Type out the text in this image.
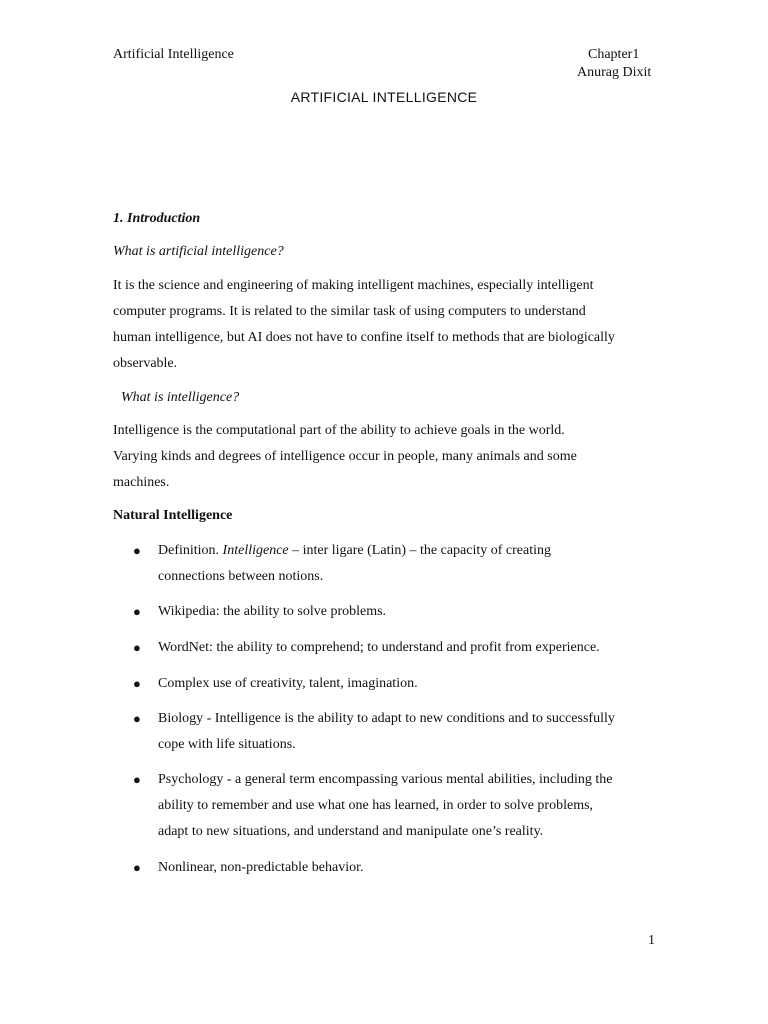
Artificial Intelligence	Chapter1
Anurag Dixit
ARTIFICIAL INTELLIGENCE
1. Introduction
What is artificial intelligence?
It is the science and engineering of making intelligent machines, especially intelligent
computer programs. It is related to the similar task of using computers to understand
human intelligence, but AI does not have to confine itself to methods that are biologically
observable.
What is intelligence?
Intelligence is the computational part of the ability to achieve goals in the world.
Varying kinds and degrees of intelligence occur in people, many animals and some
machines.
Natural Intelligence
● Definition. Intelligence – inter ligare (Latin) – the capacity of creating
connections between notions.
● Wikipedia: the ability to solve problems.
● WordNet: the ability to comprehend; to understand and profit from experience.
● Complex use of creativity, talent, imagination.
● Biology - Intelligence is the ability to adapt to new conditions and to successfully
cope with life situations.
● Psychology - a general term encompassing various mental abilities, including the
ability to remember and use what one has learned, in order to solve problems,
adapt to new situations, and understand and manipulate one’s reality.
● Nonlinear, non-predictable behavior.
1
